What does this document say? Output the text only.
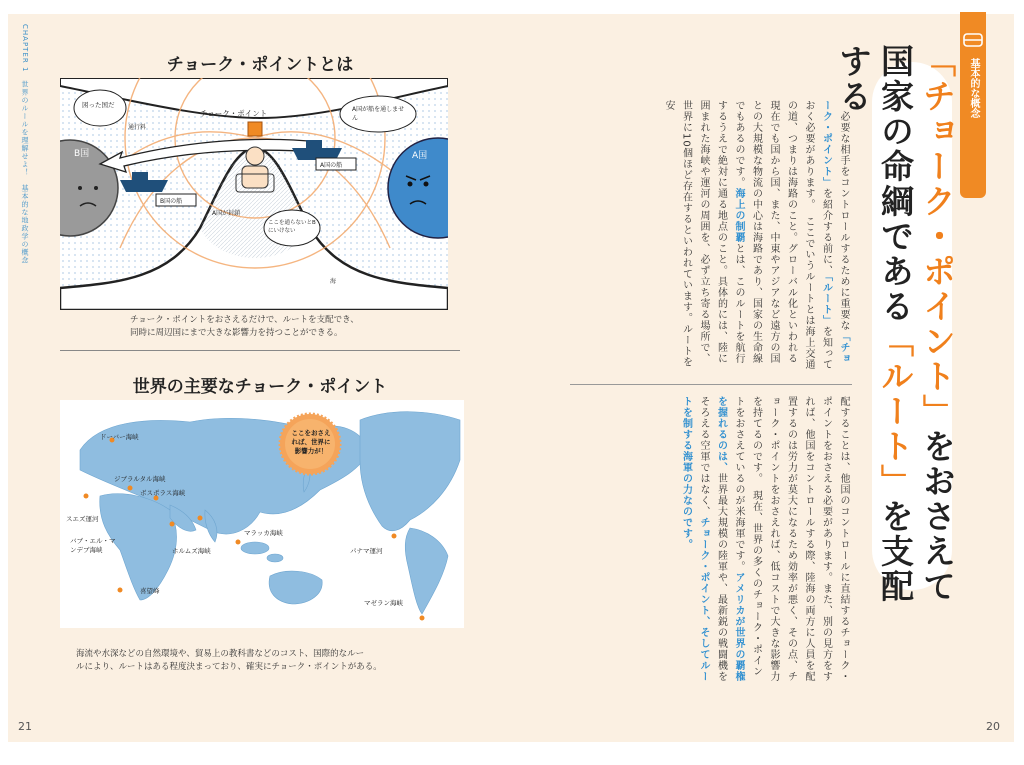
CHAPTER 1　世界のルールを理解せよ！　基本的な地政学の概念	チョーク・ポイントとは
チョーク・ポイント
B国	A国
困った国だ
A国が船を通しません
ここを通らないとBにいけない
A国が封鎖
B国の船
A国の船
通行料
海
チョーク・ポイントをおさえるだけで、ルートを支配でき、
同時に周辺国にまで大きな影響力を持つことができる。
世界の主要なチョーク・ポイント
ここをおさえれば、世界に影響力が！
ドーバー海峡
ジブラルタル海峡
ボスポラス海峡
スエズ運河
バブ・エル・マンデブ海峡	ホルムズ海峡
マラッカ海峡
パナマ運河
喜望峰
マゼラン海峡
海流や水深などの自然環境や、貿易上の教科書などのコスト、国際的なルー
ルにより、ルートはある程度決まっており、確実にチョーク・ポイントがある。
21
基本的な概念
「チョーク・ポイント」をおさえて
国家の命綱である「ルート」を支配する
　必要な相手をコントロールするために重要な「チョーク・ポイント」を紹介する前に、「ルート」を知っておく必要があります。　ここでいうルートとは海上交通の道、つまりは海路のこと。グローバル化といわれる現在でも国から国、また、中東やアジアなど遠方の国との大規模な物流の中心は海路であり、国家の生命線でもあるのです。海上の制覇とは、このルートを航行するうえで絶対に通る地点のこと。具体的には、陸に囲まれた海峡や運河の周囲を、必ず立ち寄る場所で、世界に10個ほど存在するといわれています。ルートを安
配することは、他国のコントロールに直結するチョーク・ポイントをおさえる必要があります。また、別の見方をすれば、他国をコントロールする際、陸海の両方に人員を配置するのは労力が莫大になるため効率が悪く、その点、チョーク・ポイントをおさえれば、低コストで大きな影響力を持てるのです。　現在、世界の多くのチョーク・ポイントをおさえているのが米海軍です。アメリカが世界の覇権を握れるのは、世界最大規模の陸軍や、最新鋭の戦闘機をそろえる空軍ではなく、チョーク・ポイント、そしてルートを制する海軍の力なのです。
20
